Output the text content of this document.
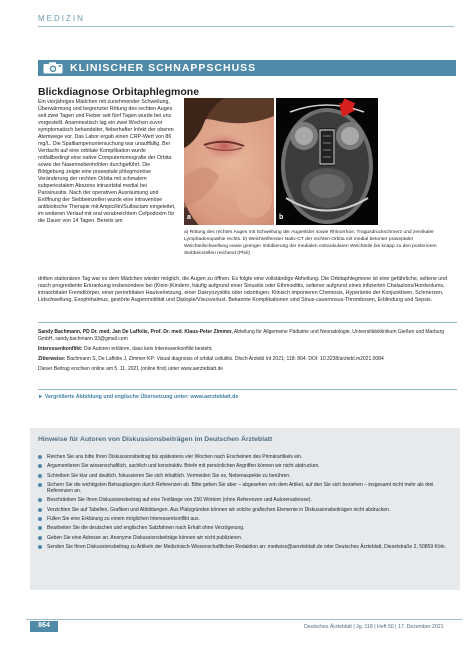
MEDIZIN
KLINISCHER SCHNAPPSCHUSS
Blickdiagnose Orbitaphlegmone
Ein vierjähriges Mädchen mit zunehmender Schwellung, Überwärmung und begrenzter Rötung des rechten Auges seit zwei Tagen und Fieber seit fünf Tagen wurde bei uns vorgestellt. Anamnestisch lag ein zwei Wochen zuvor symptomatisch behandelter, fieberhafter Infekt der oberen Atemwege vor. Das Labor ergab einen CRP-Wert von 86 mg/L. Die Spaltlampenuntersuchung war unauffällig. Bei Verdacht auf eine orbitale Komplikation wurde notfallbedingt eine native Computertomografie der Orbita sowie der Nasennebenhöhlen durchgeführt. Die Bildgebung zeigte eine praseptale phlegmonöse Veränderung der rechten Orbita mit schmalem subperiostalem Abszess intraorbital medial bei Pansinusitis. Nach der operativen Ausräumung und Eröffnung der Siebbeinzellen wurde eine intravenöse antibiotische Therapie mit Ampicillin/Sulbactam eingeleitet, im weiteren Verlauf mit oral verabreichtem Cefpodoxim für die Dauer von 14 Tagen. Bereits am	a	b
a) Rötung des rechten Auges mit Schwellung der Augenlider sowie Rhinorrhoe, Tragusdruckschmerz und zervikaler Lymphadenopathie rechts. b) Weichteilfenster Nativ-CT der rechten Orbita mit medial betonter praseptaler Weichteilschwellung sowie geringer Imbibierung der medialen extraokularen Weichteile bis knapp zu den posterioren Siebbeinzellen reichend (Pfeil)
dritten stationären Tag war es dem Mädchen wieder möglich, die Augen zu öffnen. Es folgte eine vollständige Abheilung. Die Orbitaphlegmone ist eine gefährliche, seltene und rasch progrediente Erkrankung insbesondere bei (Klein-)Kindern, häufig aufgrund einer Sinusitis oder Ethmoiditis, seltener aufgrund eines infizierten Chalazions/Hordeolums, intraorbitaler Fremdkörper, einer periorbitalen Hautverletzung, einer Dakryozystitis oder odontogen. Klinisch imponieren Chemosis, Hyperämie der Konjunktiven, Schmerzen, Lidschwellung, Exophthalmus, gestörte Augenmotilität und Diplopie/Visusverlust. Bekannte Komplikationen sind Sinus-cavernosus-Thrombosen, Erblindung und Sepsis.
Sandy Bachmann, PD Dr. med. Jan De Laffolie, Prof. Dr. med. Klaus-Peter Zimmer, Abteilung für Allgemeine Pädiatrie und Neonatologie, Universitätsklinikum Gießen und Marburg GmbH, sandy.bachmann.93@gmail.com
Interessenkonflikt: Die Autoren erklären, dass kein Interessenkonflikt besteht.
Zitierweise: Bachmann S, De Laffolie J, Zimmer KP: Visual diagnosis of orbital cellulitis. Dtsch Arztebl Int 2021; 118: 864. DOI: 10.3238/arztebl.m2021.0084
Dieser Beitrag erschien online am 5. 11. 2021 (online first) unter www.aerzteblatt.de
► Vergrößerte Abbildung und englische Übersetzung unter: www.aerzteblatt.de
Hinweise für Autoren von Diskussionsbeiträgen im Deutschen Ärzteblatt
Reichen Sie uns bitte Ihren Diskussionsbeitrag bis spätestens vier Wochen nach Erscheinen des Primärartikels ein.
Argumentieren Sie wissenschaftlich, sachlich und konstruktiv. Briefe mit persönlichen Angriffen können wir nicht abdrucken.
Schreiben Sie klar und deutlich, fokussieren Sie sich inhaltlich. Vermeiden Sie es, Nebenaspekte zu berühren.
Sichern Sie die wichtigsten Behauptungen durch Referenzen ab. Bitte geben Sie aber – abgesehen von dem Artikel, auf den Sie sich beziehen – insgesamt nicht mehr als drei Referenzen an.
Beschränken Sie Ihren Diskussionsbeitrag auf eine Textlänge von 250 Wörtern (ohne Referenzen und Autorenadresse).
Verzichten Sie auf Tabellen, Grafiken und Abbildungen. Aus Platzgründen können wir solche grafischen Elemente in Diskussionsbeiträgen nicht abdrucken.
Füllen Sie eine Erklärung zu einem möglichen Interessenkonflikt aus.
Bearbeiten Sie die deutschen und englischen Satzfahnen nach Erhalt ohne Verzögerung.
Geben Sie eine Adresse an. Anonyme Diskussionsbeiträge können wir nicht publizieren.
Senden Sie Ihren Diskussionsbeitrag zu Artikeln der Medizinisch-Wissenschaftlichen Redaktion an: medwiss@aerzteblatt.de oder Deutsches Ärzteblatt, Dieselstraße 2, 50859 Köln.
864	Deutsches Ärzteblatt | Jg. 118 | Heft 50 | 17. Dezember 2021
